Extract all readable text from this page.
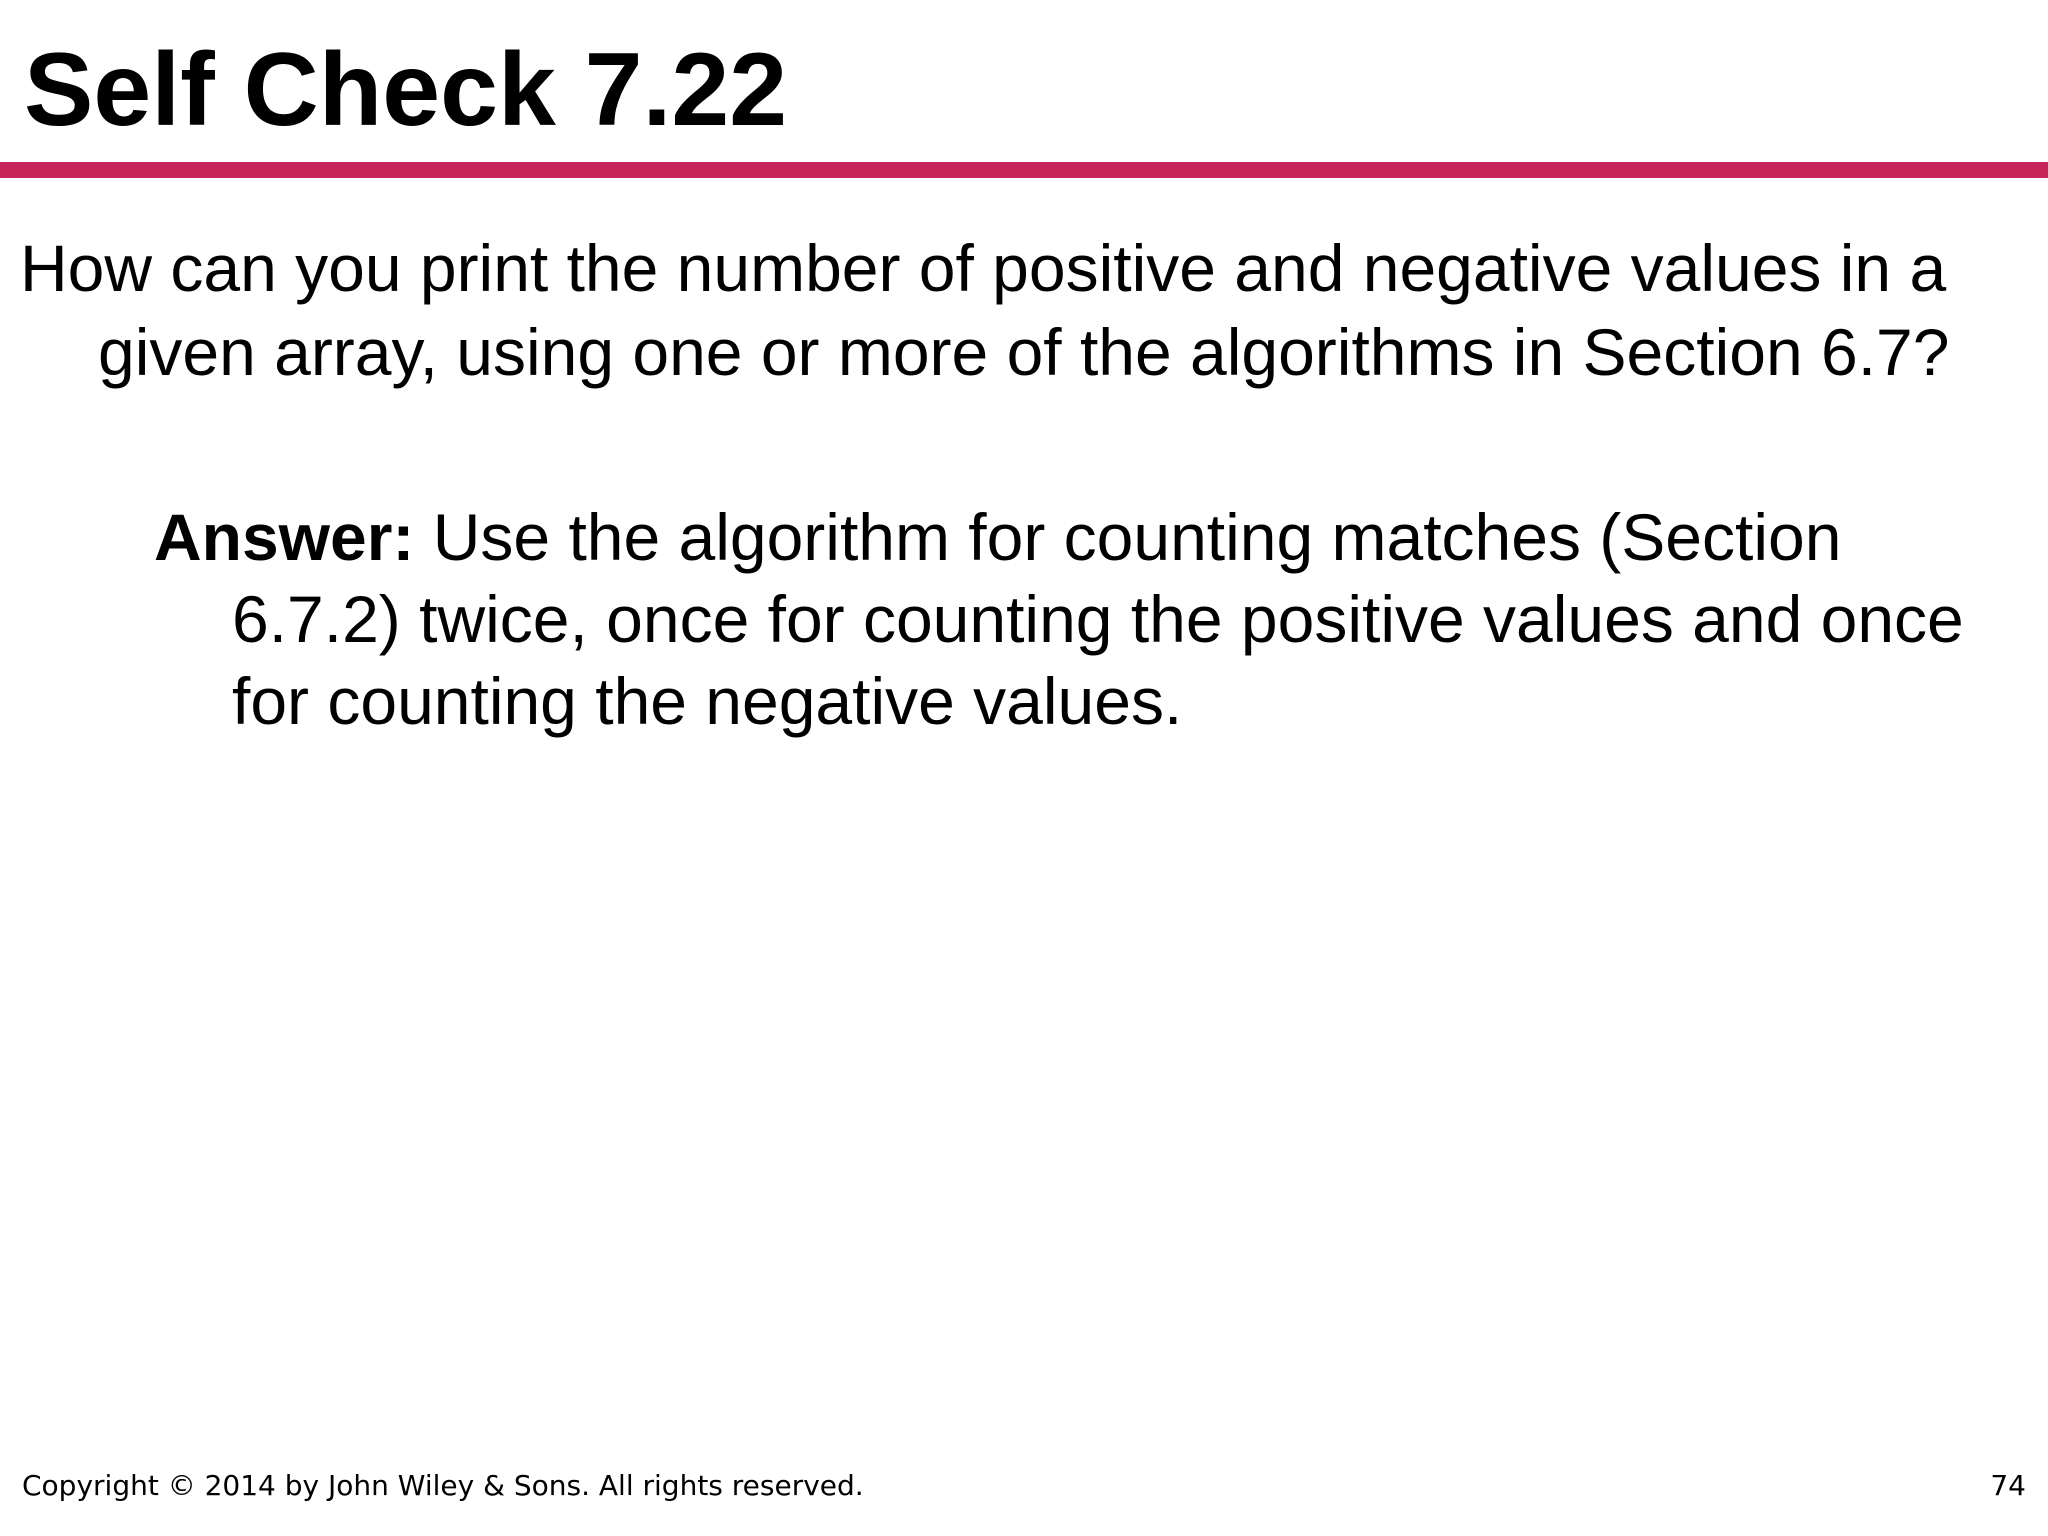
Self Check 7.22

How can you print the number of positive and negative values in a given array, using one or more of the algorithms in Section 6.7?

Answer: Use the algorithm for counting matches (Section 6.7.2) twice, once for counting the positive values and once for counting the negative values.

Copyright © 2014 by John Wiley & Sons. All rights reserved.	74
